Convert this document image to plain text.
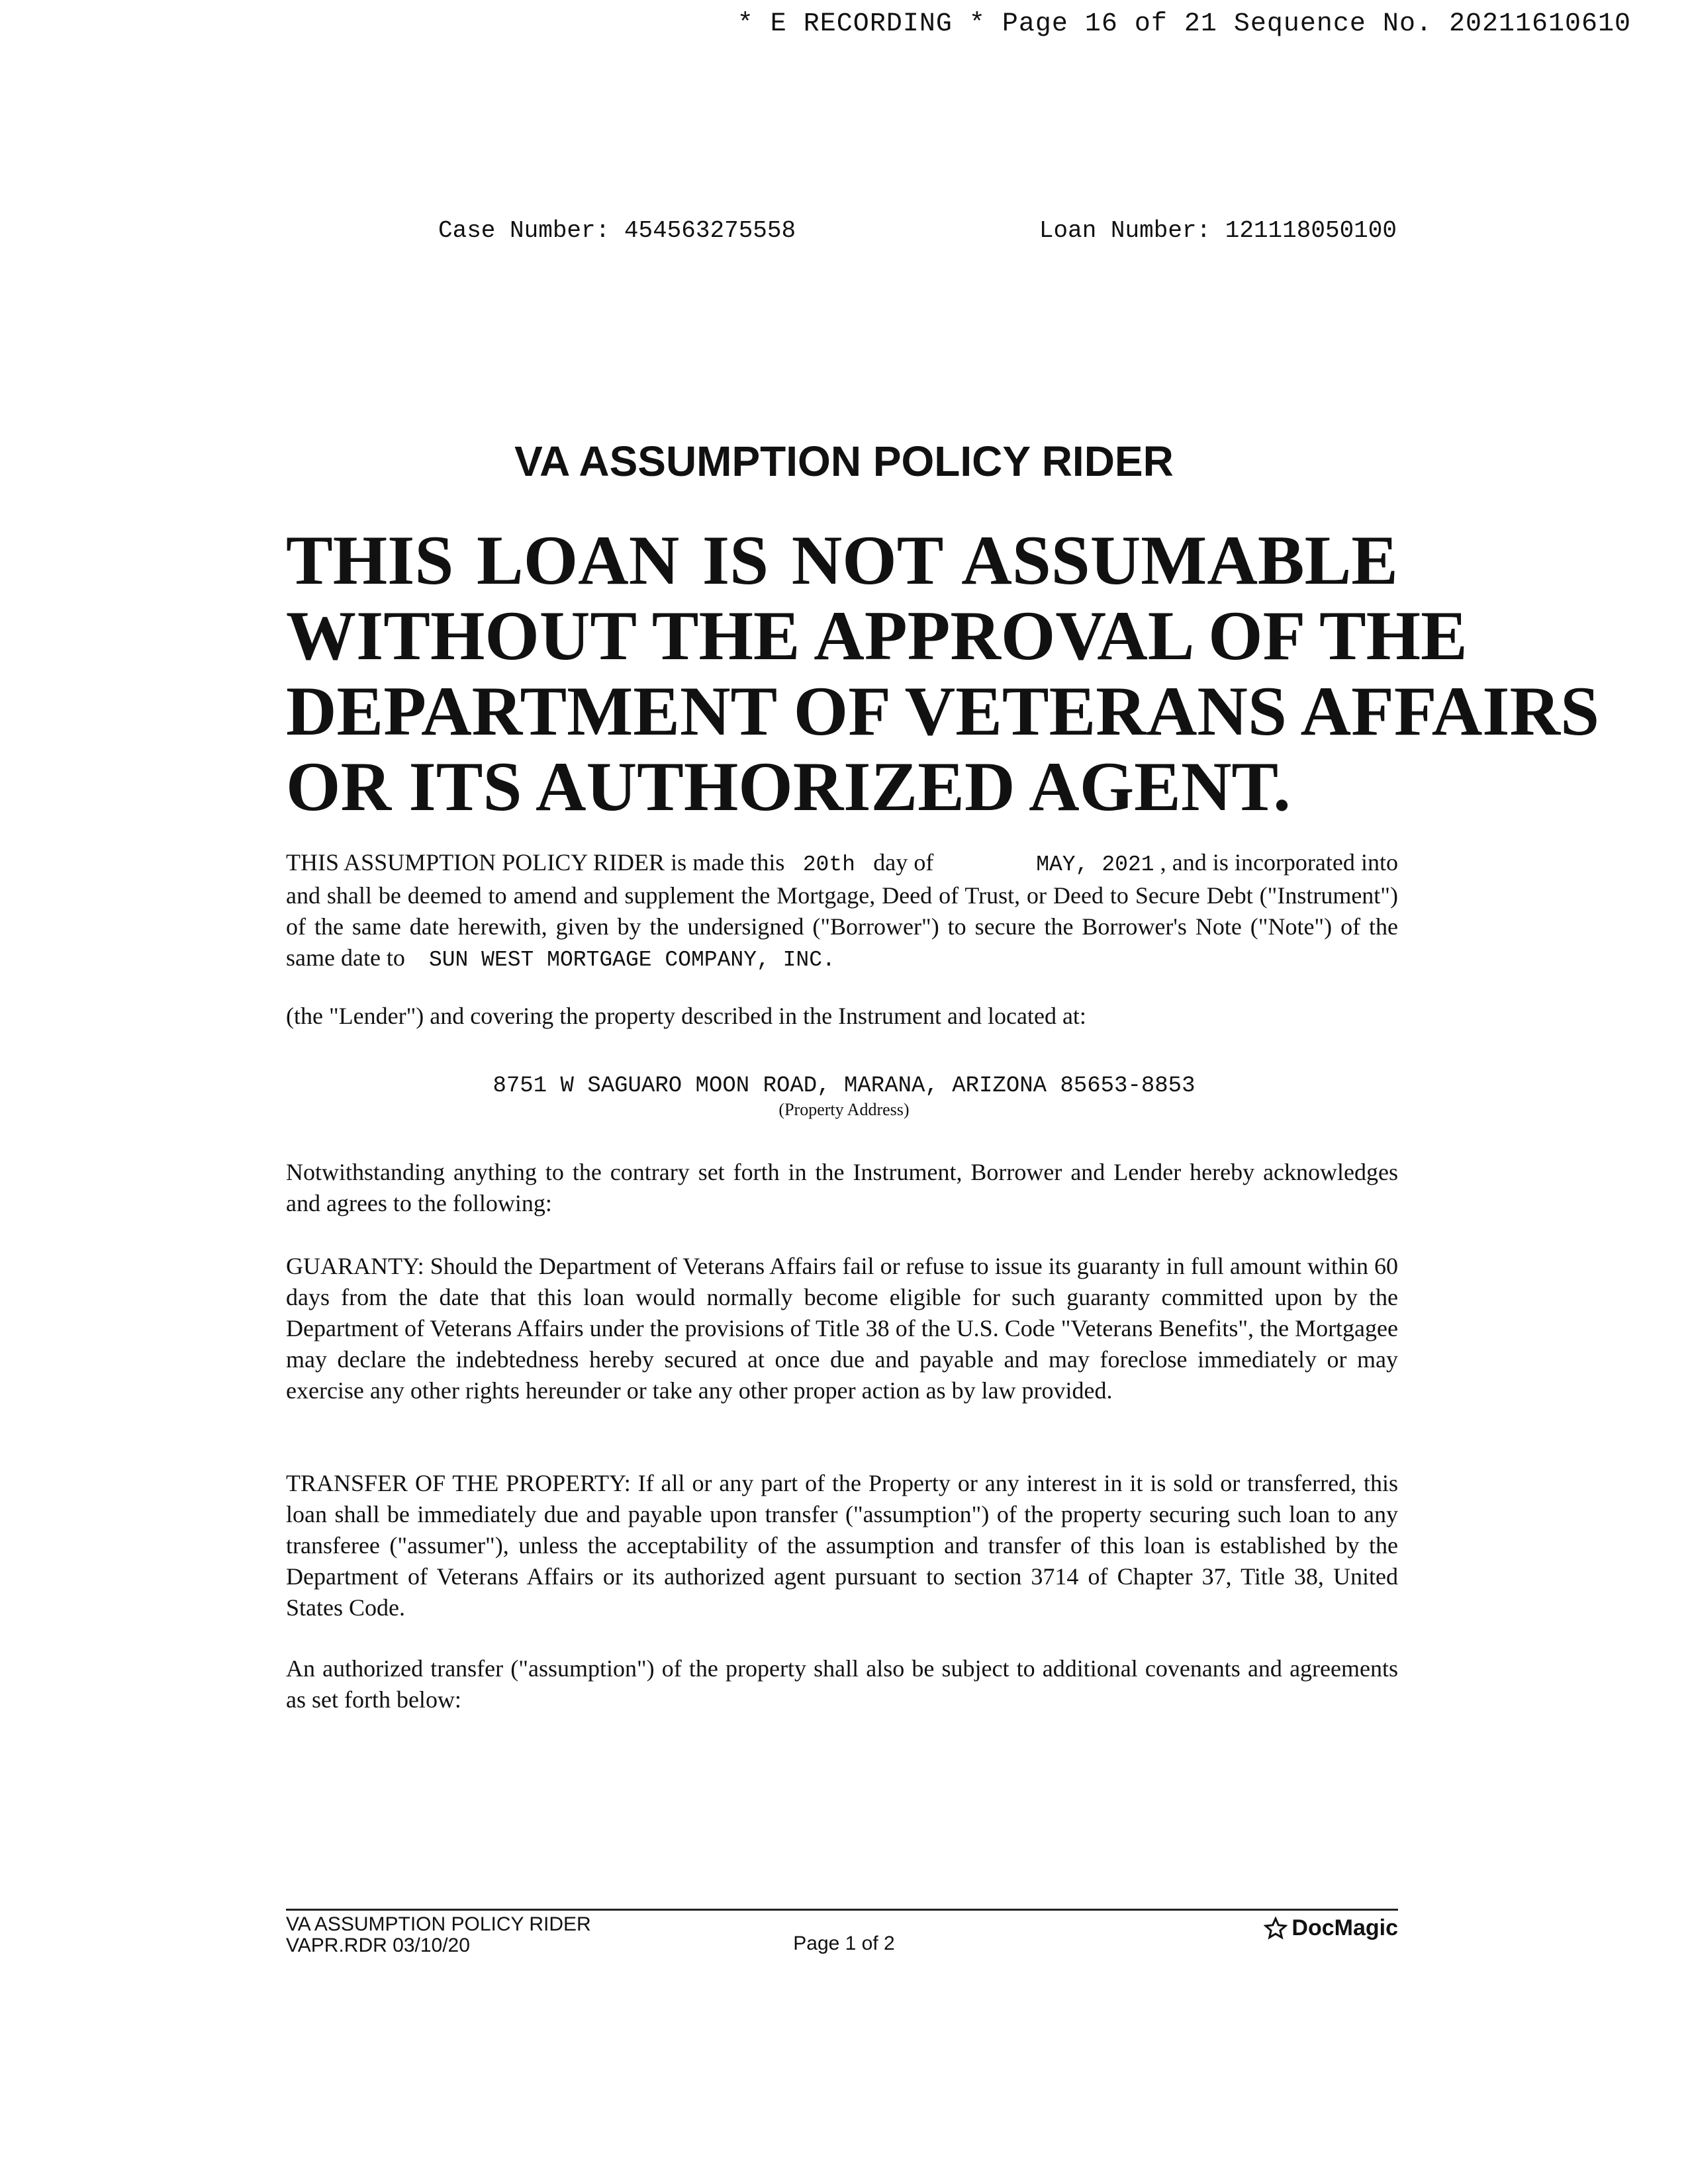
* E RECORDING * Page 16 of 21 Sequence No. 20211610610
Case Number: 454563275558	Loan Number: 121118050100
VA ASSUMPTION POLICY RIDER
THIS LOAN IS NOT ASSUMABLE
WITHOUT THE APPROVAL OF THE
DEPARTMENT OF VETERANS AFFAIRS
OR ITS AUTHORIZED AGENT.
THIS ASSUMPTION POLICY RIDER is made this 20th day of	MAY, 2021 , and is incorporated into and shall be deemed to amend and supplement the Mortgage, Deed of Trust, or Deed to Secure Debt ("Instrument") of the same date herewith, given by the undersigned ("Borrower") to secure the Borrower's Note ("Note") of the same date to SUN WEST MORTGAGE COMPANY, INC.
(the "Lender") and covering the property described in the Instrument and located at:
8751 W SAGUARO MOON ROAD, MARANA, ARIZONA 85653-8853
(Property Address)
Notwithstanding anything to the contrary set forth in the Instrument, Borrower and Lender hereby acknowledges and agrees to the following:
GUARANTY: Should the Department of Veterans Affairs fail or refuse to issue its guaranty in full amount within 60 days from the date that this loan would normally become eligible for such guaranty committed upon by the Department of Veterans Affairs under the provisions of Title 38 of the U.S. Code "Veterans Benefits", the Mortgagee may declare the indebtedness hereby secured at once due and payable and may foreclose immediately or may exercise any other rights hereunder or take any other proper action as by law provided.
TRANSFER OF THE PROPERTY: If all or any part of the Property or any interest in it is sold or transferred, this loan shall be immediately due and payable upon transfer ("assumption") of the property securing such loan to any transferee ("assumer"), unless the acceptability of the assumption and transfer of this loan is established by the Department of Veterans Affairs or its authorized agent pursuant to section 3714 of Chapter 37, Title 38, United States Code.
An authorized transfer ("assumption") of the property shall also be subject to additional covenants and agreements as set forth below:
VA ASSUMPTION POLICY RIDER
VAPR.RDR 03/10/20	Page 1 of 2
DocMagic
